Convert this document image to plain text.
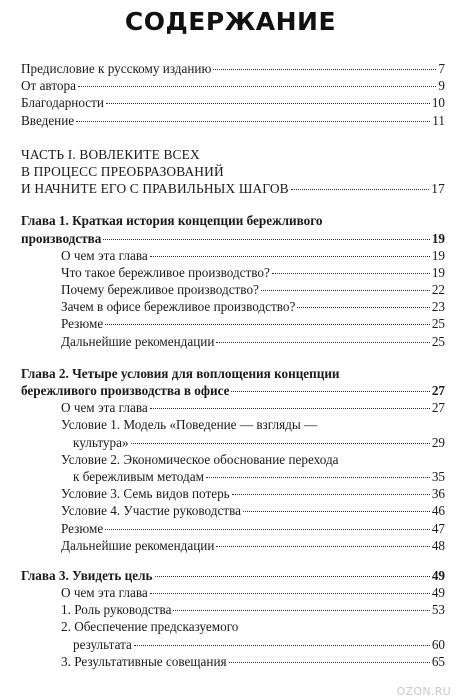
СОДЕРЖАНИЕ
Предисловие к русскому изданию	7
От автора	9
Благодарности	10
Введение	11
ЧАСТЬ I. ВОВЛЕКИТЕ ВСЕХ
В ПРОЦЕСС ПРЕОБРАЗОВАНИЙ
И НАЧНИТЕ ЕГО С ПРАВИЛЬНЫХ ШАГОВ	17
Глава 1. Краткая история концепции бережливого
производства	19
О чем эта глава	19
Что такое бережливое производство?	19
Почему бережливое производство?	22
Зачем в офисе бережливое производство?	23
Резюме	25
Дальнейшие рекомендации	25
Глава 2. Четыре условия для воплощения концепции
бережливого производства в офисе	27
О чем эта глава	27
Условие 1. Модель «Поведение — взгляды —
культура»	29
Условие 2. Экономическое обоснование перехода
к бережливым методам	35
Условие 3. Семь видов потерь	36
Условие 4. Участие руководства	46
Резюме	47
Дальнейшие рекомендации	48
Глава 3. Увидеть цель	49
О чем эта глава	49
1. Роль руководства	53
2. Обеспечение предсказуемого
результата	60
3. Результативные совещания	65
OZON.RU
